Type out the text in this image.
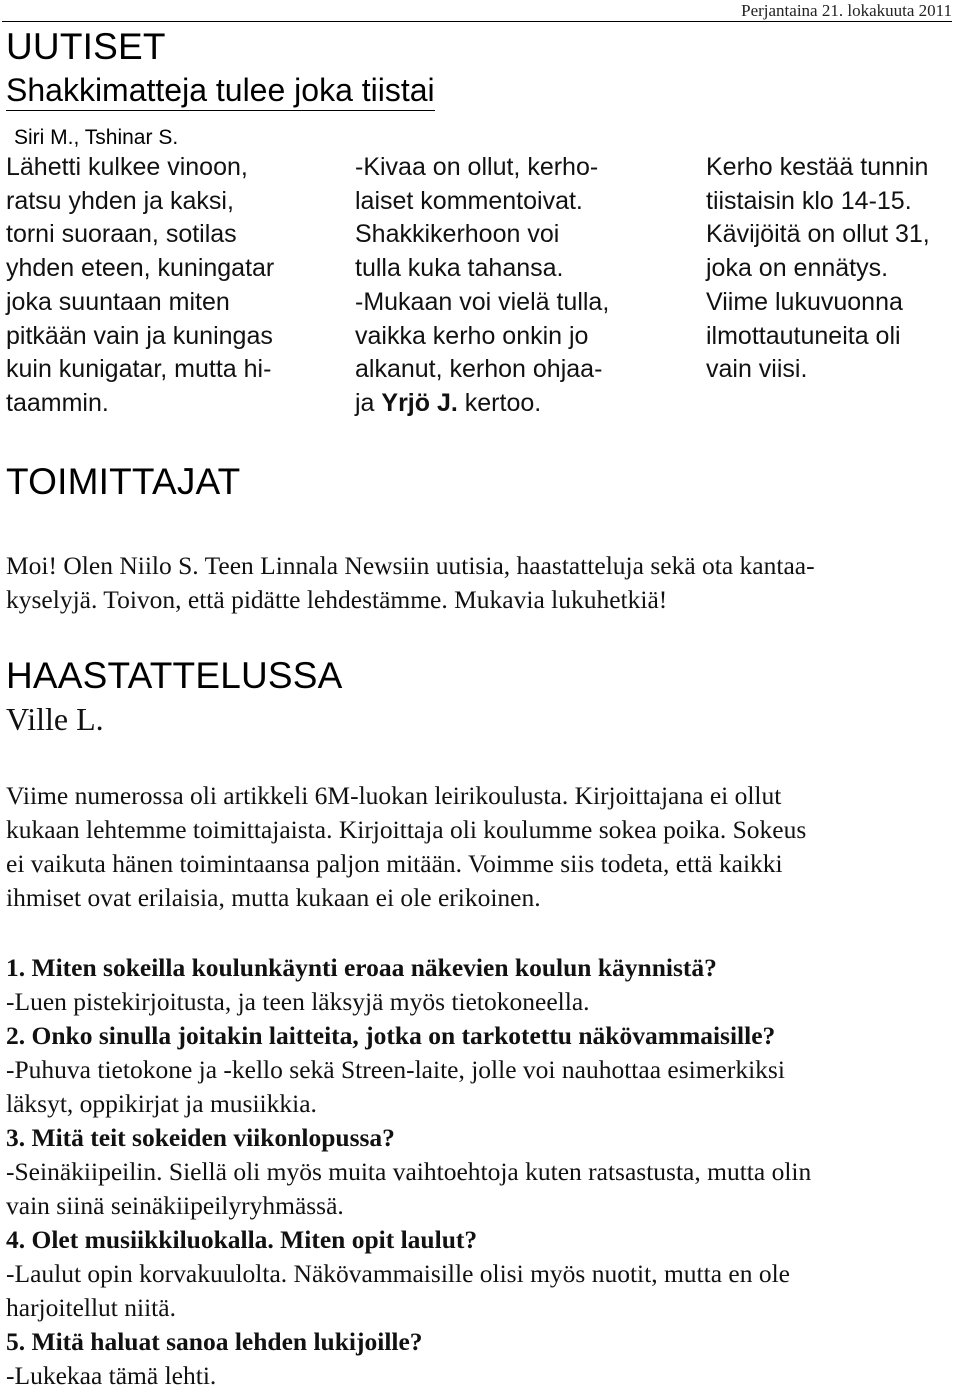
Perjantaina 21. lokakuuta 2011
UUTISET
Shakkimatteja tulee joka tiistai
Siri M., Tshinar S.
Lähetti kulkee vinoon,
ratsu yhden ja kaksi,
torni suoraan, sotilas
yhden eteen, kuningatar
joka suuntaan miten
pitkään vain ja kuningas
kuin kunigatar, mutta hi-
taammin.
-Kivaa on ollut, kerho-
laiset kommentoivat.
Shakkikerhoon voi
tulla kuka tahansa.
-Mukaan voi vielä tulla,
vaikka kerho onkin jo
alkanut, kerhon ohjaa-
ja Yrjö J. kertoo.
Kerho kestää tunnin
tiistaisin klo 14-15.
Kävijöitä on ollut 31,
joka on ennätys.
Viime lukuvuonna
ilmottautuneita oli
vain viisi.
TOIMITTAJAT
Moi! Olen Niilo S. Teen Linnala Newsiin uutisia, haastatteluja sekä ota kantaa-
kyselyjä. Toivon, että pidätte lehdestämme. Mukavia lukuhetkiä!
HAASTATTELUSSA
Ville L.
Viime numerossa oli artikkeli 6M-luokan leirikoulusta. Kirjoittajana ei ollut
kukaan lehtemme toimittajaista. Kirjoittaja oli koulumme sokea poika. Sokeus
ei vaikuta hänen toimintaansa paljon mitään. Voimme siis todeta, että kaikki
ihmiset ovat erilaisia, mutta kukaan ei ole erikoinen.
1. Miten sokeilla koulunkäynti eroaa näkevien koulun käynnistä?
-Luen pistekirjoitusta, ja teen läksyjä myös tietokoneella.
2. Onko sinulla joitakin laitteita, jotka on tarkotettu näkövammaisille?
-Puhuva tietokone ja -kello sekä Streen-laite, jolle voi nauhottaa esimerkiksi
läksyt, oppikirjat ja musiikkia.
3. Mitä teit sokeiden viikonlopussa?
-Seinäkiipeilin. Siellä oli myös muita vaihtoehtoja kuten ratsastusta, mutta olin
vain siinä seinäkiipeilyryhmässä.
4. Olet musiikkiluokalla. Miten opit laulut?
-Laulut opin korvakuulolta. Näkövammaisille olisi myös nuotit, mutta en ole
harjoitellut niitä.
5. Mitä haluat sanoa lehden lukijoille?
-Lukekaa tämä lehti.
